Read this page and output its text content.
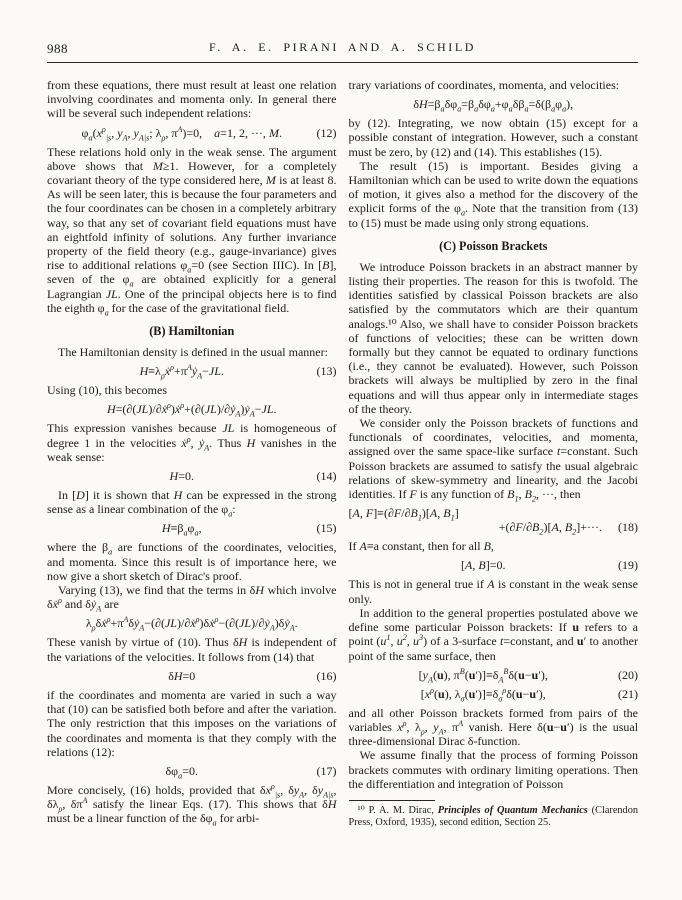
988	F. A. E. PIRANI AND A. SCHILD

from these equations, there must result at least one relation involving coordinates and momenta only. In general there will be several such independent relations:

$\varphi_a(x^\rho_{|s}$, $y_A$, $y_{A|s}$; $\lambda_\rho$, $\pi^A)=0$,  a=1, 2, ···, M.	(12)

These relations hold only in the weak sense. The argument above shows that M≥1. However, for a completely covariant theory of the type considered here, M is at least 8. As will be seen later, this is because the four parameters and the four coordinates can be chosen in a completely arbitrary way, so that any set of covariant field equations must have an eightfold infinity of solutions. Any further invariance property of the field theory (e.g., gauge-invariance) gives rise to additional relations $\varphi_a=0$ (see Section IIIC). In [B], seven of the $\varphi_a$ are obtained explicitly for a general Lagrangian JL. One of the principal objects here is to find the eighth $\varphi_a$ for the case of the gravitational field.

(B) Hamiltonian

The Hamiltonian density is defined in the usual manner:

$H\equiv\lambda_\rho ẋ^\rho+\pi^Aẏ_A-JL$.	(13)

Using (10), this becomes

H=(∂(JL)/∂ẋ$^\rho$)ẋ$^\rho$+(∂(JL)/∂ẏ$_A$)ẏ$_A$−JL.

This expression vanishes because JL is homogeneous of degree 1 in the velocities ẋ$^\rho$, ẏ$_A$. Thus H vanishes in the weak sense:

H=0.	(14)

In [D] it is shown that H can be expressed in the strong sense as a linear combination of the $\varphi_a$:

$H\equiv\beta_a\varphi_a$,	(15)

where the $\beta_a$ are functions of the coordinates, velocities, and momenta. Since this result is of importance here, we now give a short sketch of Dirac's proof.

Varying (13), we find that the terms in δH which involve δẋ$^\rho$ and δẏ$_A$ are

$\lambda_\rho\delta ẋ^\rho+\pi^A\delta ẏ_A-(\partial(JL)/\partial ẋ^\rho)\delta ẋ^\rho-(\partial(JL)/\partial ẏ_A)\delta ẏ_A$.

These vanish by virtue of (10). Thus δH is independent of the variations of the velocities. It follows from (14) that

δH=0	(16)

if the coordinates and momenta are varied in such a way that (10) can be satisfied both before and after the variation. The only restriction that this imposes on the variations of the coordinates and momenta is that they comply with the relations (12):

$\delta\varphi_a=0$.	(17)

More concisely, (16) holds, provided that $\delta x^\rho_{|s}$, $\delta y_A$, $\delta y_{A|s}$, $\delta\lambda_\rho$, $\delta\pi^A$ satisfy the linear Eqs. (17). This shows that δH must be a linear function of the $\delta\varphi_a$ for arbi-

trary variations of coordinates, momenta, and velocities:

$\delta H=\beta_a\delta\varphi_a=\beta_a\delta\varphi_a+\varphi_a\delta\beta_a=\delta(\beta_a\varphi_a)$,

by (12). Integrating, we now obtain (15) except for a possible constant of integration. However, such a constant must be zero, by (12) and (14). This establishes (15).

The result (15) is important. Besides giving a Hamiltonian which can be used to write down the equations of motion, it gives also a method for the discovery of the explicit forms of the $\varphi_a$. Note that the transition from (13) to (15) must be made using only strong equations.

(C) Poisson Brackets

We introduce Poisson brackets in an abstract manner by listing their properties. The reason for this is twofold. The identities satisfied by classical Poisson brackets are also satisfied by the commutators which are their quantum analogs.¹⁰ Also, we shall have to consider Poisson brackets of functions of velocities; these can be written down formally but they cannot be equated to ordinary functions (i.e., they cannot be evaluated). However, such Poisson brackets will always be multiplied by zero in the final equations and will thus appear only in intermediate stages of the theory.

We consider only the Poisson brackets of functions and functionals of coordinates, velocities, and momenta, assigned over the same space-like surface t=constant. Such Poisson brackets are assumed to satisfy the usual algebraic relations of skew-symmetry and linearity, and the Jacobi identities. If F is any function of $B_1$, $B_2$, ···, then

[A, $F]\equiv(\partial F/\partial B_1)[A$, $B_1$]
$+(\partial F/\partial B_2)[A$, $B_2]+\cdot\cdot\cdot$.	(18)

If A≡a constant, then for all B,

[A, B]=0.	(19)

This is not in general true if A is constant in the weak sense only.

In addition to the general properties postulated above we define some particular Poisson brackets: If u refers to a point ($u^1$, $u^2$, $u^3$) of a 3-surface t=constant, and u′ to another point of the same surface, then

[$y_A(u)$, $\pi^B(u')]\equiv\delta_A^B\delta(u-u')$,	(20)
[$x^\rho(u)$, $\lambda_\sigma(u')]\equiv\delta_\sigma^\rho\delta(u-u')$,	(21)

and all other Poisson brackets formed from pairs of the variables $x^\rho$, $\lambda_\rho$, $y_A$, $\pi^A$ vanish. Here δ(u−u′) is the usual three-dimensional Dirac δ-function.

We assume finally that the process of forming Poisson brackets commutes with ordinary limiting operations. Then the differentiation and integration of Poisson

¹⁰ P. A. M. Dirac, Principles of Quantum Mechanics (Clarendon Press, Oxford, 1935), second edition, Section 25.
